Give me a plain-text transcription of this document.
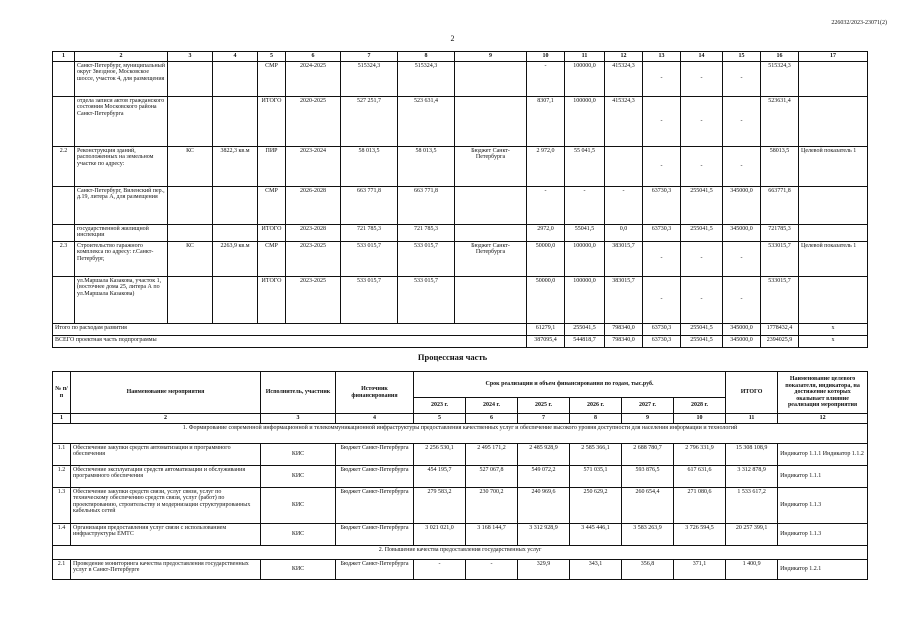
226032/2023-23071(2)
2
1	2	3	4	5	6	7	8	9	10	11	12	13	14	15	16	17
	Санкт-Петербург, муниципальный округ Звездное, Московское шоссе, участок 4, для размещения			СМР	2024-2025	515324,3	515324,3		-	100000,0	415324,3	-	-	-	515324,3	
	отдела записи актов гражданского состояния Московского района Санкт-Петербурга			ИТОГО	2020-2025	527 251,7	523 631,4		8307,1	100000,0	415324,3	-	-	-	523631,4	
2.2	Реконструкция зданий, расположенных на земельном участке по адресу:	КС	3822,3 кв.м	ПИР	2023-2024	58 013,5	58 013,5	Бюджет Санкт-Петербурга	2 972,0	55 041,5		-	-	-	58013,5	Целевой показатель 1
	Санкт-Петербург, Виленский пер., д.19, литера А, для размещения			СМР	2026-2028	663 771,8	663 771,8		-	-	-	63730,3	255041,5	345000,0	663771,8	
	государственной жилищной инспекции			ИТОГО	2023-2028	721 785,3	721 785,3		2972,0	55041,5	0,0	63730,3	255041,5	345000,0	721785,3	
2.3	Строительство гаражного комплекса по адресу: г.Санкт-Петербург,	КС	2263,9 кв.м	СМР	2023-2025	533 015,7	533 015,7	Бюджет Санкт-Петербурга	50000,0	100000,0	383015,7	-	-	-	533015,7	Целевой показатель 1
	ул.Маршала Казакова, участок 1, (восточнее дома 25, литера А по ул.Маршала Казакова)			ИТОГО	2023-2025	533 015,7	533 015,7		50000,0	100000,0	383015,7	-	-	-	533015,7	
Итого по расходам развития									61279,1	255041,5	798340,0	63730,3	255041,5	345000,0	1778432,4	x
ВСЕГО проектная часть подпрограммы									387095,4	544818,7	798340,0	63730,3	255041,5	345000,0	2394025,9	x
Процессная часть
№ п/п	Наименование мероприятия	Исполнитель, участник	Источник финансирования	Срок реализации и объем финансирования по годам, тыс.руб.						ИТОГО	Наименование целевого показателя, индикатора, на достижение которых оказывает влияние реализация мероприятия
				2023 г.	2024 г.	2025 г.	2026 г.	2027 г.	2028 г.		
1	2	3	4	5	6	7	8	9	10	11	12
1. Формирование современной информационной и телекоммуникационной инфраструктуры предоставления качественных услуг и обеспечение высокого уровня доступности для населения информации и технологий											
1.1	Обеспечение закупки средств автоматизации и программного обеспечения	КИС	Бюджет Санкт-Петербурга	2 256 530,1	2 495 171,2	2 485 928,9	2 585 366,1	2 688 780,7	2 796 331,9	15 308 108,9	Индикатор 1.1.1 Индикатор 1.1.2
1.2	Обеспечение эксплуатации средств автоматизации и обслуживания программного обеспечения	КИС	Бюджет Санкт-Петербурга	454 195,7	527 067,8	549 072,2	571 035,1	593 876,5	617 631,6	3 312 878,9	Индикатор 1.1.1
1.3	Обеспечение закупки средств связи, услуг связи, услуг по техническому обеспечению средств связи, услуг (работ) по проектированию, строительству и модернизации структурированных кабельных сетей	КИС	Бюджет Санкт-Петербурга	279 583,2	230 700,2	240 969,6	250 629,2	260 654,4	271 080,6	1 533 617,2	Индикатор 1.1.3
1.4	Организация предоставления услуг связи с использованием инфраструктуры ЕМТС	КИС	Бюджет Санкт-Петербурга	3 021 021,0	3 168 144,7	3 312 928,9	3 445 446,1	3 583 263,9	3 726 594,5	20 257 399,1	Индикатор 1.1.3
2. Повышение качества предоставления государственных услуг											
2.1	Проведение мониторинга качества предоставления государственных услуг в Санкт-Петербурге	КИС	Бюджет Санкт-Петербурга	-	-	329,9	343,1	356,8	371,1	1 400,9	Индикатор 1.2.1
